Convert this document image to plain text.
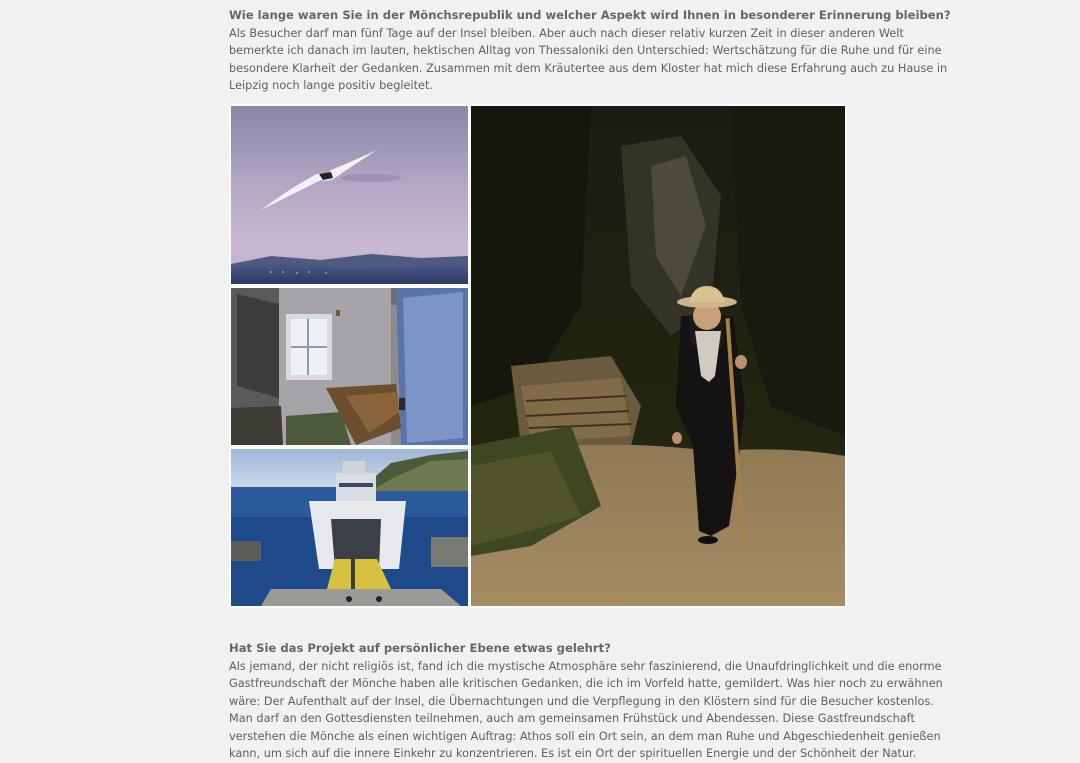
Wie lange waren Sie in der Mönchsrepublik und welcher Aspekt wird Ihnen in besonderer Erinnerung bleiben?

Als Besucher darf man fünf Tage auf der Insel bleiben. Aber auch nach dieser relativ kurzen Zeit in dieser anderen Welt
bemerkte ich danach im lauten, hektischen Alltag von Thessaloniki den Unterschied: Wertschätzung für die Ruhe und für eine
besondere Klarheit der Gedanken. Zusammen mit dem Kräutertee aus dem Kloster hat mich diese Erfahrung auch zu Hause in
Leipzig noch lange positiv begleitet.

Hat Sie das Projekt auf persönlicher Ebene etwas gelehrt?

Als jemand, der nicht religiös ist, fand ich die mystische Atmosphäre sehr faszinierend, die Unaufdringlichkeit und die enorme
Gastfreundschaft der Mönche haben alle kritischen Gedanken, die ich im Vorfeld hatte, gemildert. Was hier noch zu erwähnen
wäre: Der Aufenthalt auf der Insel, die Übernachtungen und die Verpflegung in den Klöstern sind für die Besucher kostenlos.
Man darf an den Gottesdiensten teilnehmen, auch am gemeinsamen Frühstück und Abendessen. Diese Gastfreundschaft
verstehen die Mönche als einen wichtigen Auftrag: Athos soll ein Ort sein, an dem man Ruhe und Abgeschiedenheit genießen
kann, um sich auf die innere Einkehr zu konzentrieren. Es ist ein Ort der spirituellen Energie und der Schönheit der Natur.
